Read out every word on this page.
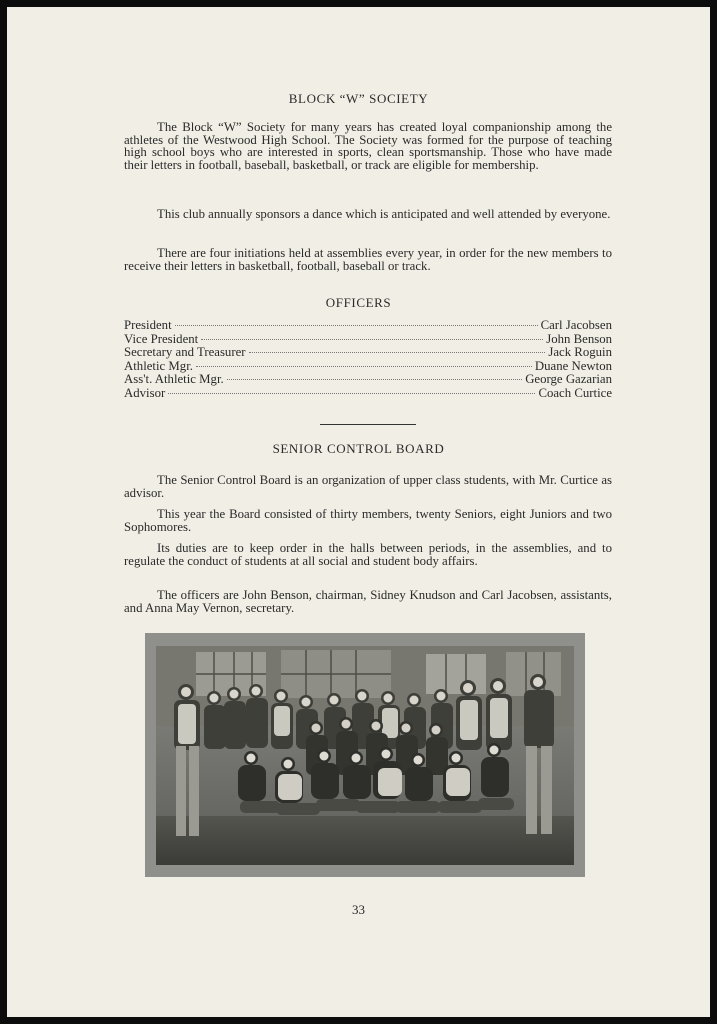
BLOCK “W” SOCIETY

The Block “W” Society for many years has created loyal companionship among the athletes of the Westwood High School. The Society was formed for the purpose of teaching high school boys who are interested in sports, clean sportsmanship. Those who have made their letters in football, baseball, basketball, or track are eligible for membership.

This club annually sponsors a dance which is anticipated and well attended by everyone.

There are four initiations held at assemblies every year, in order for the new members to receive their letters in basketball, football, baseball or track.

OFFICERS
President	Carl Jacobsen
Vice President	John Benson
Secretary and Treasurer	Jack Roguin
Athletic Mgr.	Duane Newton
Ass't. Athletic Mgr.	George Gazarian
Advisor	Coach Curtice
SENIOR CONTROL BOARD

The Senior Control Board is an organization of upper class students, with Mr. Curtice as advisor.

This year the Board consisted of thirty members, twenty Seniors, eight Juniors and two Sophomores.

Its duties are to keep order in the halls between periods, in the assemblies, and to regulate the conduct of students at all social and student body affairs.

The officers are John Benson, chairman, Sidney Knudson and Carl Jacobsen, assistants, and Anna May Vernon, secretary.

33
